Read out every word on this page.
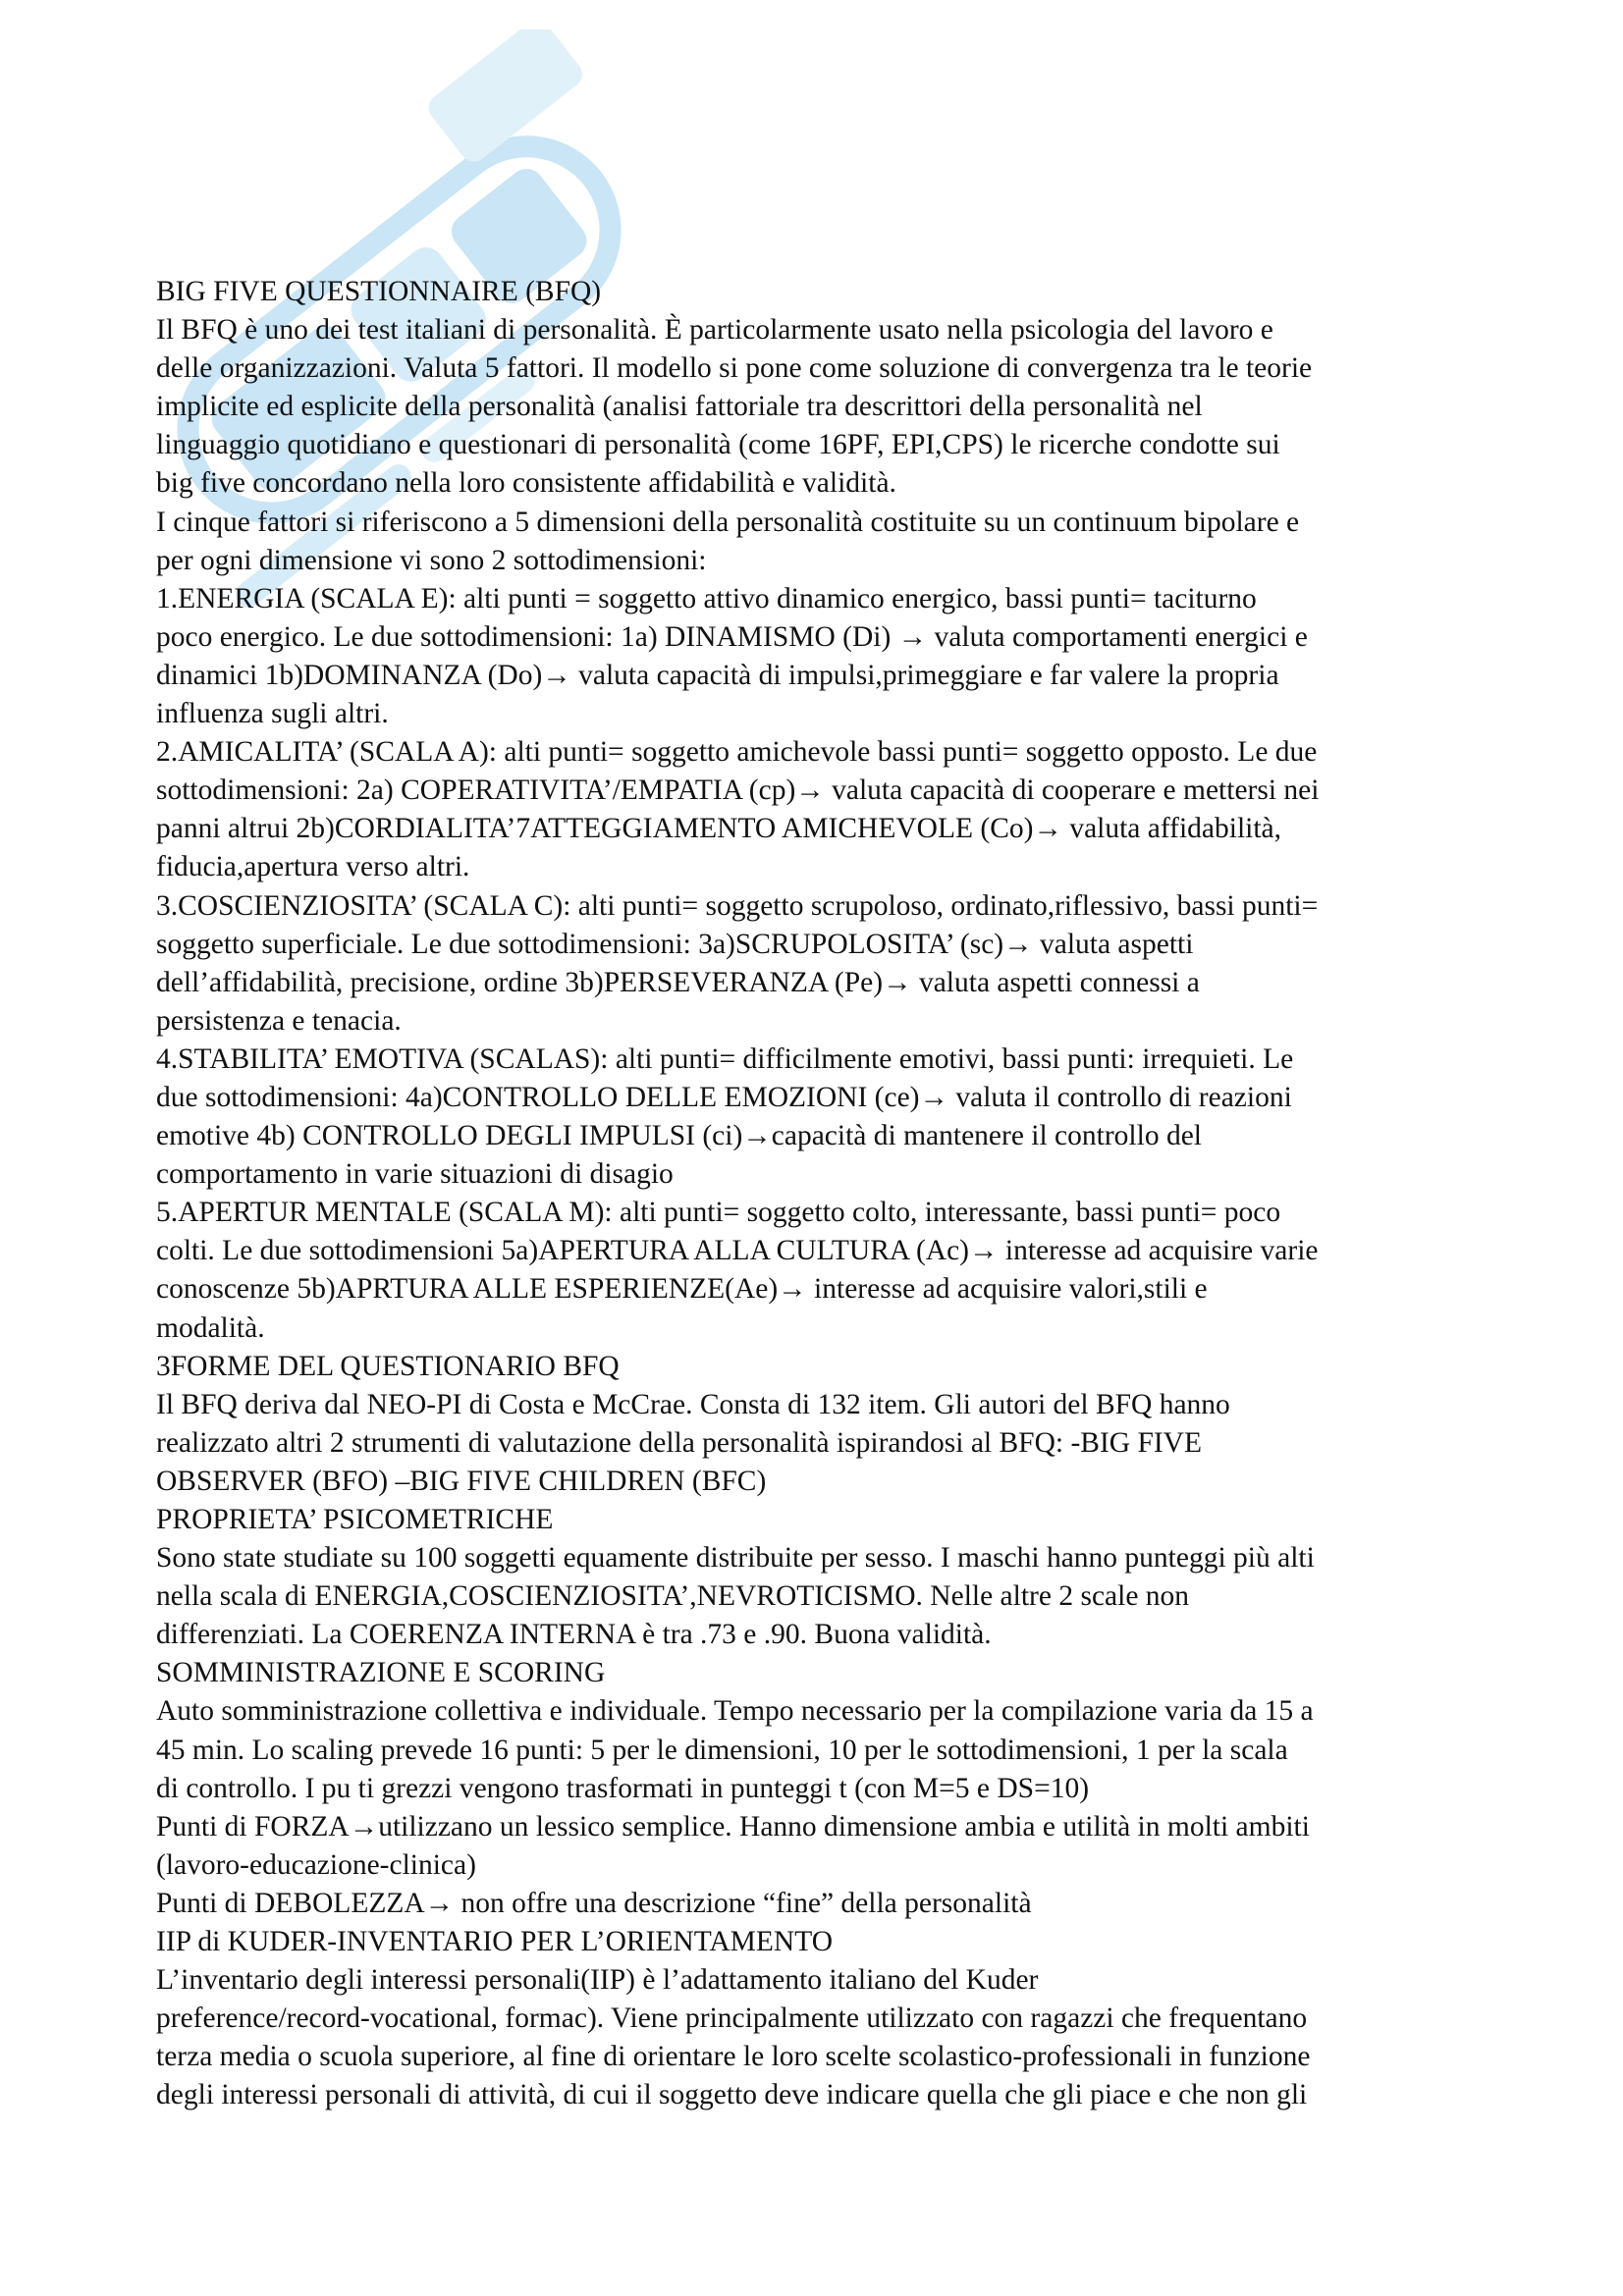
BIG FIVE QUESTIONNAIRE (BFQ)
Il BFQ è uno dei test italiani di personalità. È particolarmente usato nella psicologia del lavoro e
delle organizzazioni. Valuta 5 fattori. Il modello si pone come soluzione di convergenza tra le teorie
implicite ed esplicite della personalità (analisi fattoriale tra descrittori della personalità nel
linguaggio quotidiano e questionari di personalità (come 16PF, EPI,CPS) le ricerche condotte sui
big five concordano nella loro consistente affidabilità e validità.
I cinque fattori si riferiscono a 5 dimensioni della personalità costituite su un continuum bipolare e
per ogni dimensione vi sono 2 sottodimensioni:
1.ENERGIA (SCALA E): alti punti = soggetto attivo dinamico energico, bassi punti= taciturno
poco energico. Le due sottodimensioni: 1a) DINAMISMO (Di) → valuta comportamenti energici e
dinamici 1b)DOMINANZA (Do)→ valuta capacità di impulsi,primeggiare e far valere la propria
influenza sugli altri.
2.AMICALITA’ (SCALA A): alti punti= soggetto amichevole bassi punti= soggetto opposto. Le due
sottodimensioni: 2a) COPERATIVITA’/EMPATIA (cp)→ valuta capacità di cooperare e mettersi nei
panni altrui 2b)CORDIALITA’7ATTEGGIAMENTO AMICHEVOLE (Co)→ valuta affidabilità,
fiducia,apertura verso altri.
3.COSCIENZIOSITA’ (SCALA C): alti punti= soggetto scrupoloso, ordinato,riflessivo, bassi punti=
soggetto superficiale. Le due sottodimensioni: 3a)SCRUPOLOSITA’ (sc)→ valuta aspetti
dell’affidabilità, precisione, ordine 3b)PERSEVERANZA (Pe)→ valuta aspetti connessi a
persistenza e tenacia.
4.STABILITA’ EMOTIVA (SCALAS): alti punti= difficilmente emotivi, bassi punti: irrequieti. Le
due sottodimensioni: 4a)CONTROLLO DELLE EMOZIONI (ce)→ valuta il controllo di reazioni
emotive 4b) CONTROLLO DEGLI IMPULSI (ci)→capacità di mantenere il controllo del
comportamento in varie situazioni di disagio
5.APERTUR MENTALE (SCALA M): alti punti= soggetto colto, interessante, bassi punti= poco
colti. Le due sottodimensioni 5a)APERTURA ALLA CULTURA (Ac)→ interesse ad acquisire varie
conoscenze 5b)APRTURA ALLE ESPERIENZE(Ae)→ interesse ad acquisire valori,stili e
modalità.
3FORME DEL QUESTIONARIO BFQ
Il BFQ deriva dal NEO-PI di Costa e McCrae. Consta di 132 item. Gli autori del BFQ hanno
realizzato altri 2 strumenti di valutazione della personalità ispirandosi al BFQ: -BIG FIVE
OBSERVER (BFO) –BIG FIVE CHILDREN (BFC)
PROPRIETA’ PSICOMETRICHE
Sono state studiate su 100 soggetti equamente distribuite per sesso. I maschi hanno punteggi più alti
nella scala di ENERGIA,COSCIENZIOSITA’,NEVROTICISMO. Nelle altre 2 scale non
differenziati. La COERENZA INTERNA è tra .73 e .90. Buona validità.
SOMMINISTRAZIONE E SCORING
Auto somministrazione collettiva e individuale. Tempo necessario per la compilazione varia da 15 a
45 min. Lo scaling prevede 16 punti: 5 per le dimensioni, 10 per le sottodimensioni, 1 per la scala
di controllo. I pu ti grezzi vengono trasformati in punteggi t (con M=5 e DS=10)
Punti di FORZA→utilizzano un lessico semplice. Hanno dimensione ambia e utilità in molti ambiti
(lavoro-educazione-clinica)
Punti di DEBOLEZZA→ non offre una descrizione “fine” della personalità
IIP di KUDER-INVENTARIO PER L’ORIENTAMENTO
L’inventario degli interessi personali(IIP) è l’adattamento italiano del Kuder
preference/record-vocational, formac). Viene principalmente utilizzato con ragazzi che frequentano
terza media o scuola superiore, al fine di orientare le loro scelte scolastico-professionali in funzione
degli interessi personali di attività, di cui il soggetto deve indicare quella che gli piace e che non gli
